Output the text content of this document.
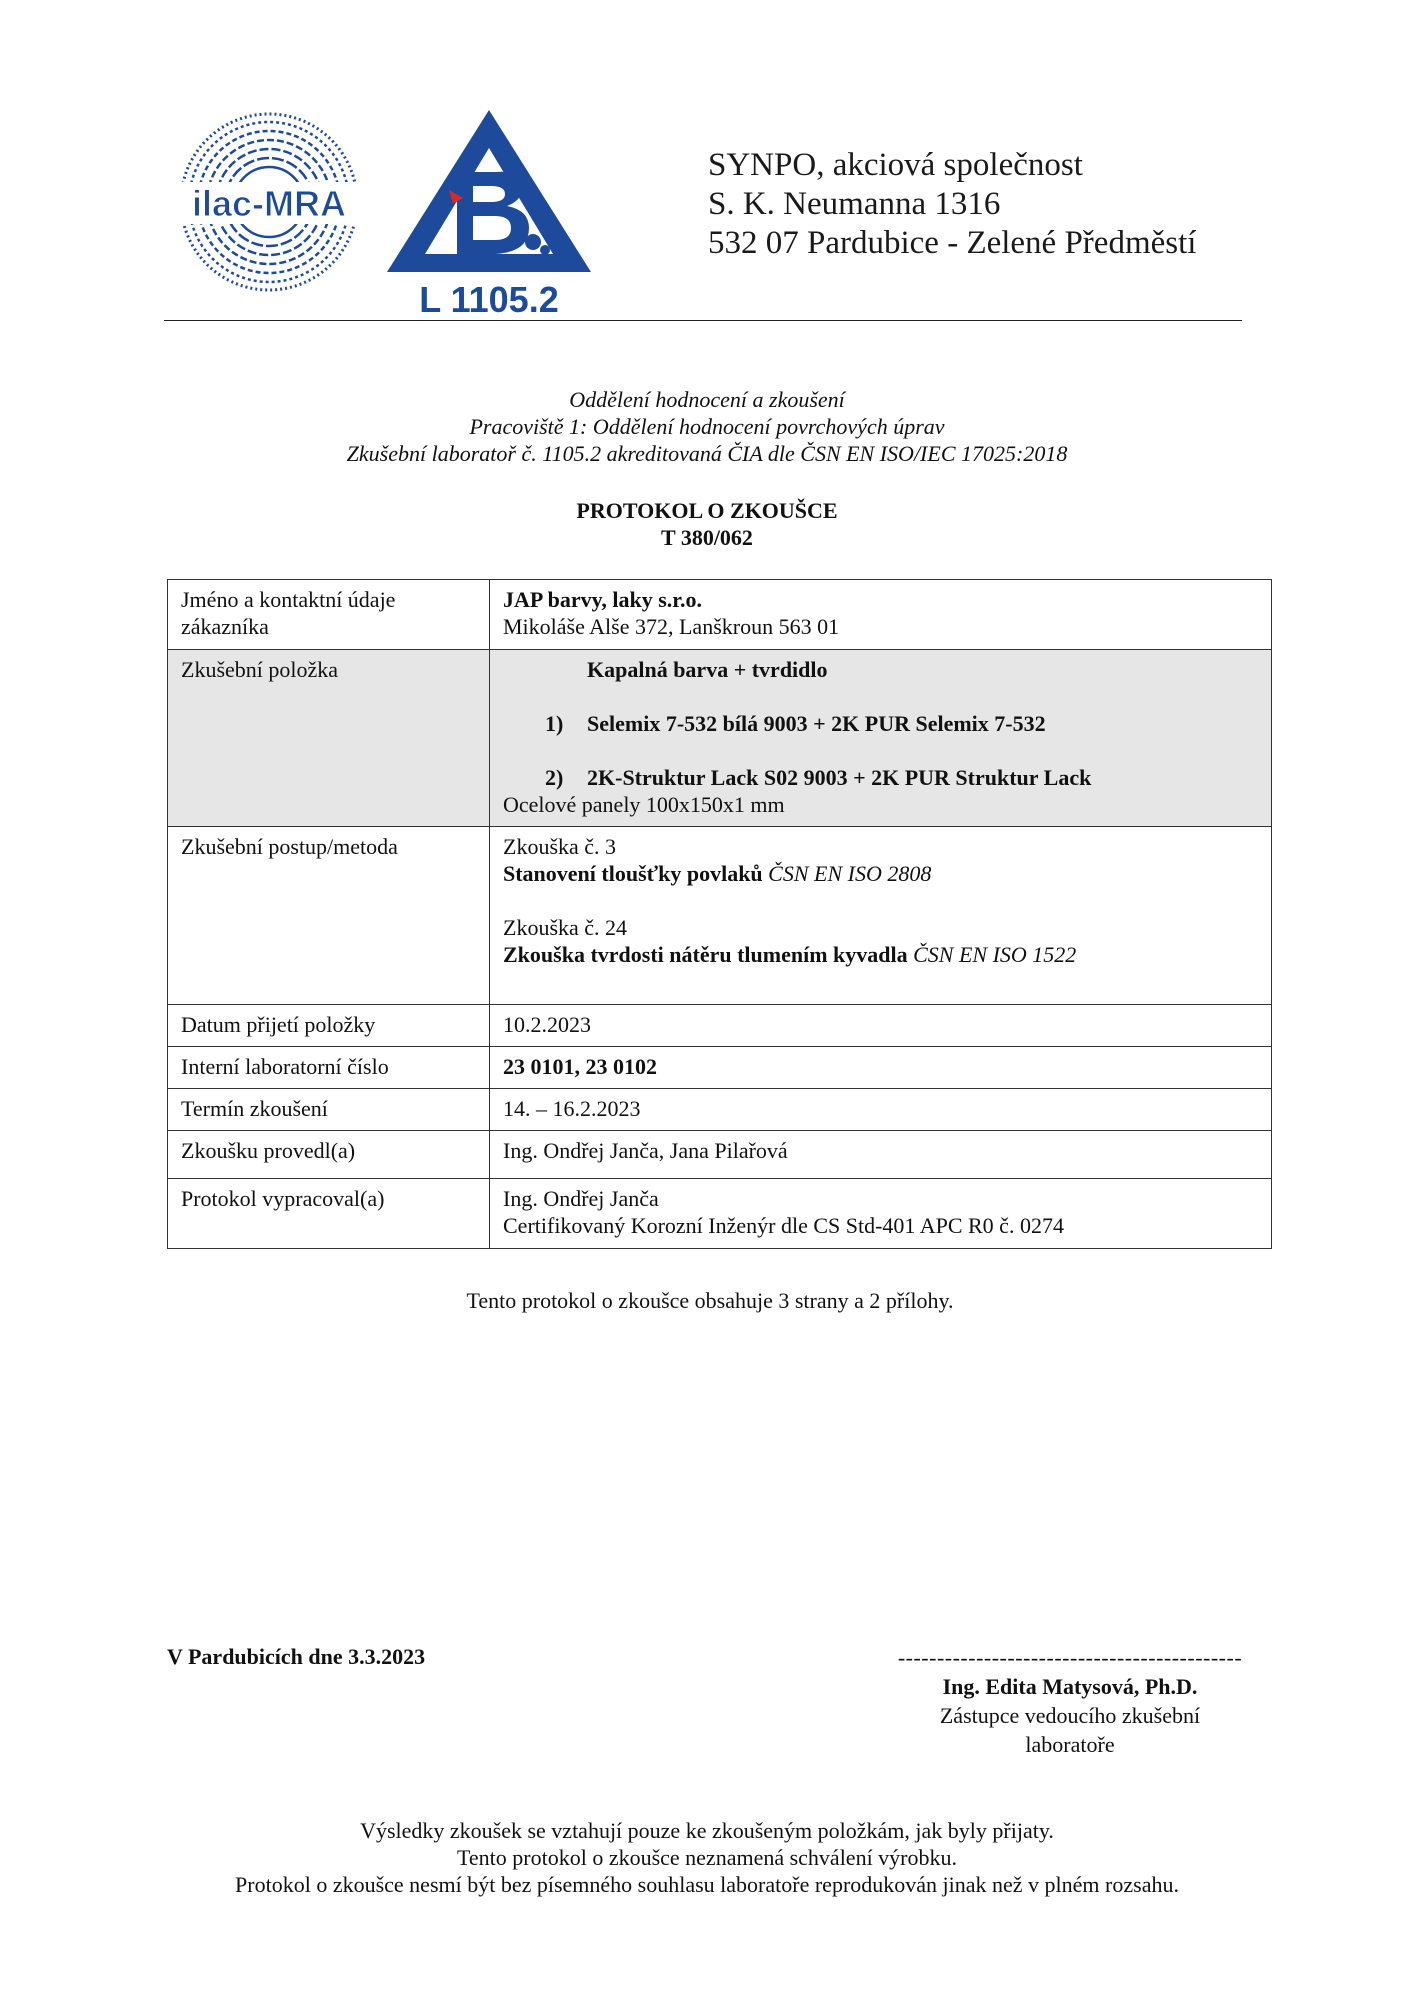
ilac-MRA
L 1105.2
SYNPO, akciová společnost
S. K. Neumanna 1316
532 07 Pardubice - Zelené Předměstí
Oddělení hodnocení a zkoušení
Pracoviště 1: Oddělení hodnocení povrchových úprav
Zkušební laboratoř č. 1105.2 akreditovaná ČIA dle ČSN EN ISO/IEC 17025:2018
PROTOKOL O ZKOUŠCE
T 380/062
Jméno a kontaktní údaje zákazníka	JAP barvy, laky s.r.o.
Mikoláše Alše 372, Lanškroun 563 01

Zkušební položka	Kapalná barva + tvrdidlo
1) Selemix 7-532 bílá 9003 + 2K PUR Selemix 7-532
2) 2K-Struktur Lack S02 9003 + 2K PUR Struktur Lack
Ocelové panely 100x150x1 mm

Zkušební postup/metoda	Zkouška č. 3
Stanovení tloušťky povlaků ČSN EN ISO 2808
Zkouška č. 24
Zkouška tvrdosti nátěru tlumením kyvadla ČSN EN ISO 1522

Datum přijetí položky	10.2.2023
Interní laboratorní číslo	23 0101, 23 0102
Termín zkoušení	14. – 16.2.2023
Zkoušku provedl(a)	Ing. Ondřej Janča, Jana Pilařová
Protokol vypracoval(a)	Ing. Ondřej Janča
Certifikovaný Korozní Inženýr dle CS Std-401 APC R0 č. 0274
Tento protokol o zkoušce obsahuje 3 strany a 2 přílohy.
V Pardubicích dne 3.3.2023	--------------------------------------------
Ing. Edita Matysová, Ph.D.
Zástupce vedoucího zkušební
laboratoře
Výsledky zkoušek se vztahují pouze ke zkoušeným položkám, jak byly přijaty.
Tento protokol o zkoušce neznamená schválení výrobku.
Protokol o zkoušce nesmí být bez písemného souhlasu laboratoře reprodukován jinak než v plném rozsahu.
